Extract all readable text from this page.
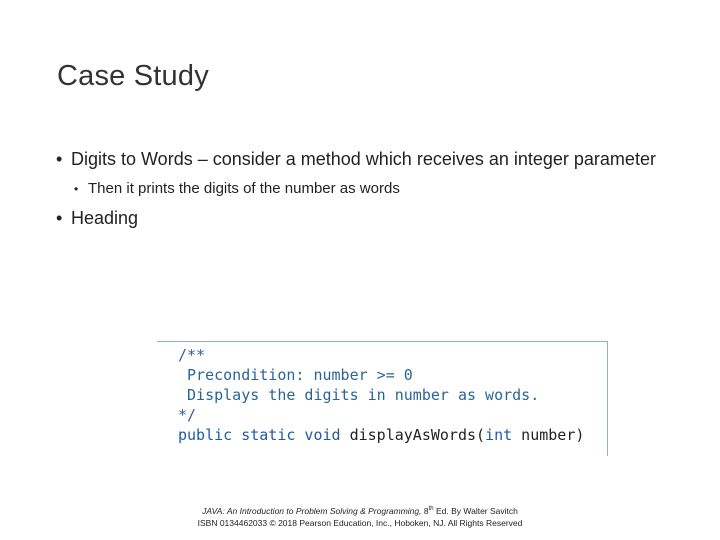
Case Study
• Digits to Words – consider a method which receives an integer parameter
• Then it prints the digits of the number as words
• Heading
/**
Precondition: number >= 0
Displays the digits in number as words.
*/
public static void displayAsWords(int number)
JAVA: An Introduction to Problem Solving & Programming, 8th Ed. By Walter Savitch
ISBN 0134462033 © 2018 Pearson Education, Inc., Hoboken, NJ. All Rights Reserved
